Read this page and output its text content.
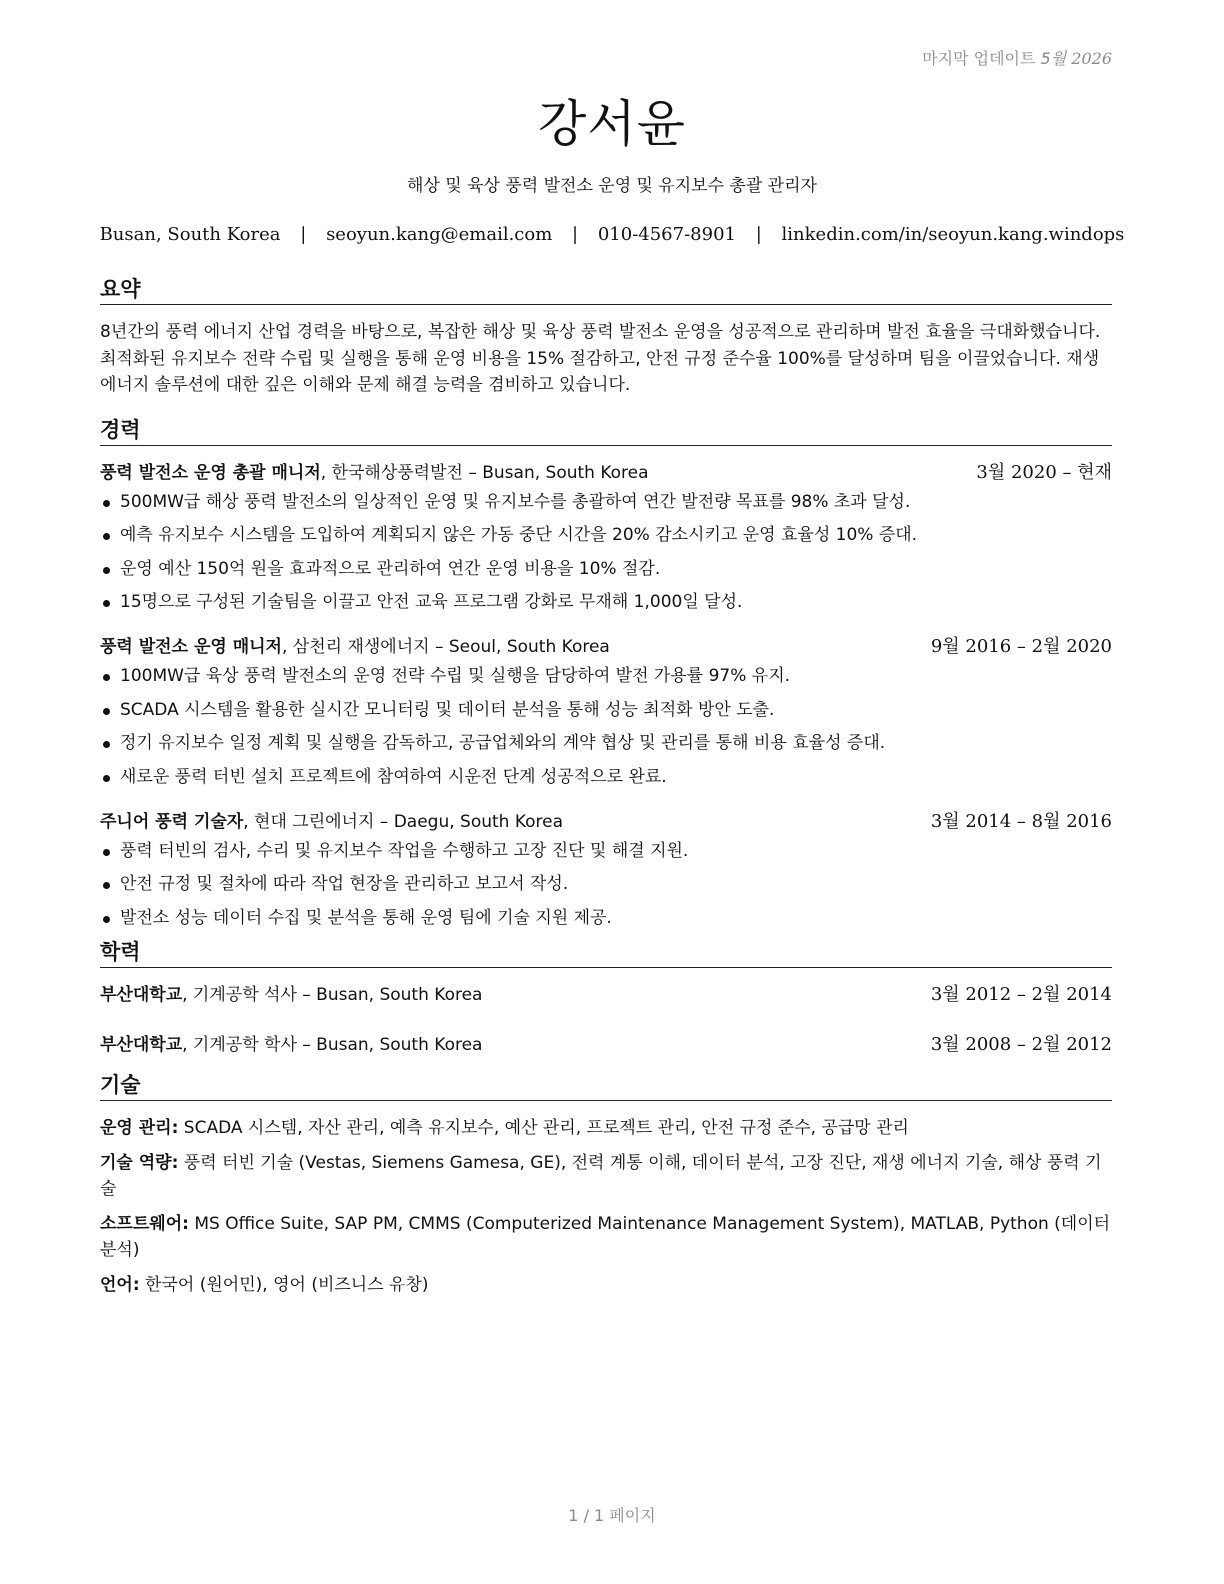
마지막 업데이트 5월 2026
강서윤
해상 및 육상 풍력 발전소 운영 및 유지보수 총괄 관리자
Busan, South Korea | seoyun.kang@email.com | 010-4567-8901 | linkedin.com/in/seoyun.kang.windops
요약
8년간의 풍력 에너지 산업 경력을 바탕으로, 복잡한 해상 및 육상 풍력 발전소 운영을 성공적으로 관리하며 발전 효율을 극대화했습니다. 최적화된 유지보수 전략 수립 및 실행을 통해 운영 비용을 15% 절감하고, 안전 규정 준수율 100%를 달성하며 팀을 이끌었습니다. 재생 에너지 솔루션에 대한 깊은 이해와 문제 해결 능력을 겸비하고 있습니다.
경력
풍력 발전소 운영 총괄 매니저, 한국해상풍력발전 – Busan, South Korea	3월 2020 – 현재
500MW급 해상 풍력 발전소의 일상적인 운영 및 유지보수를 총괄하여 연간 발전량 목표를 98% 초과 달성.
예측 유지보수 시스템을 도입하여 계획되지 않은 가동 중단 시간을 20% 감소시키고 운영 효율성 10% 증대.
운영 예산 150억 원을 효과적으로 관리하여 연간 운영 비용을 10% 절감.
15명으로 구성된 기술팀을 이끌고 안전 교육 프로그램 강화로 무재해 1,000일 달성.
풍력 발전소 운영 매니저, 삼천리 재생에너지 – Seoul, South Korea	9월 2016 – 2월 2020
100MW급 육상 풍력 발전소의 운영 전략 수립 및 실행을 담당하여 발전 가용률 97% 유지.
SCADA 시스템을 활용한 실시간 모니터링 및 데이터 분석을 통해 성능 최적화 방안 도출.
정기 유지보수 일정 계획 및 실행을 감독하고, 공급업체와의 계약 협상 및 관리를 통해 비용 효율성 증대.
새로운 풍력 터빈 설치 프로젝트에 참여하여 시운전 단계 성공적으로 완료.
주니어 풍력 기술자, 현대 그린에너지 – Daegu, South Korea	3월 2014 – 8월 2016
풍력 터빈의 검사, 수리 및 유지보수 작업을 수행하고 고장 진단 및 해결 지원.
안전 규정 및 절차에 따라 작업 현장을 관리하고 보고서 작성.
발전소 성능 데이터 수집 및 분석을 통해 운영 팀에 기술 지원 제공.
학력
부산대학교, 기계공학 석사 – Busan, South Korea	3월 2012 – 2월 2014
부산대학교, 기계공학 학사 – Busan, South Korea	3월 2008 – 2월 2012
기술

운영 관리: SCADA 시스템, 자산 관리, 예측 유지보수, 예산 관리, 프로젝트 관리, 안전 규정 준수, 공급망 관리

기술 역량: 풍력 터빈 기술 (Vestas, Siemens Gamesa, GE), 전력 계통 이해, 데이터 분석, 고장 진단, 재생 에너지 기술, 해상 풍력 기술

소프트웨어: MS Office Suite, SAP PM, CMMS (Computerized Maintenance Management System), MATLAB, Python (데이터 분석)

언어: 한국어 (원어민), 영어 (비즈니스 유창)

1 / 1 페이지
